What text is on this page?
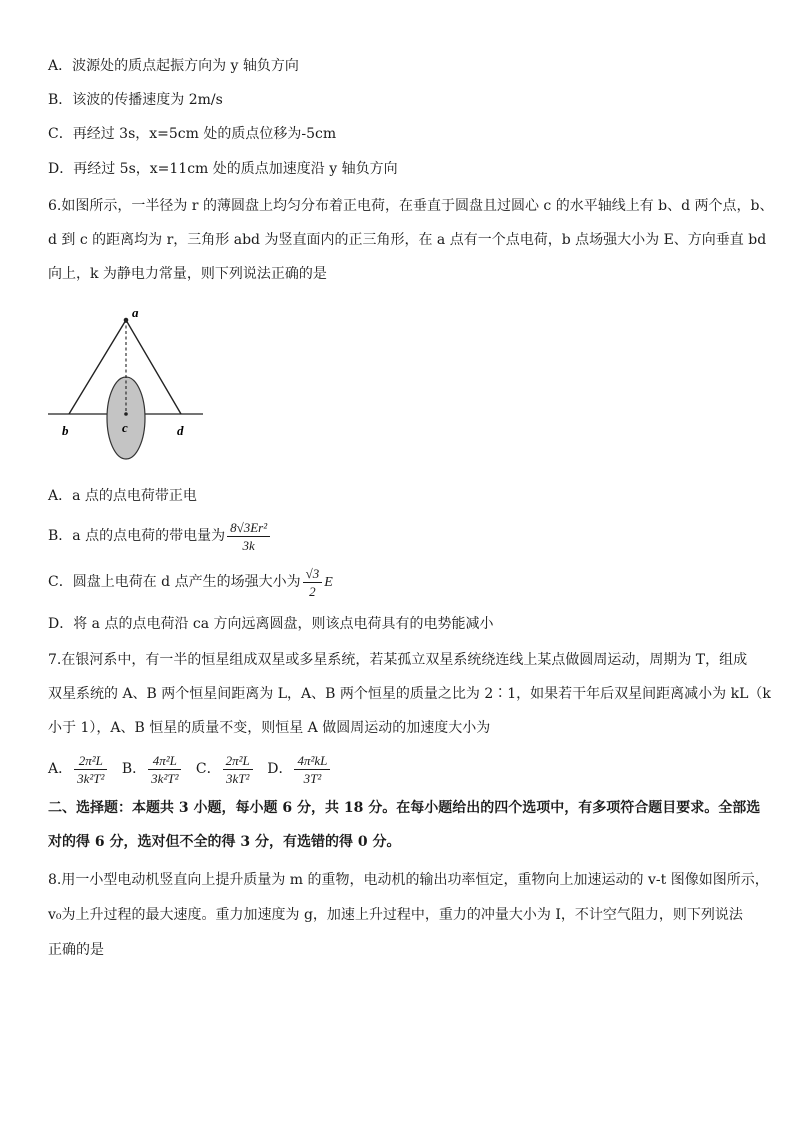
A．波源处的质点起振方向为 y 轴负方向
B．该波的传播速度为 2m/s
C．再经过 3s，x=5cm 处的质点位移为-5cm
D．再经过 5s，x=11cm 处的质点加速度沿 y 轴负方向
6.如图所示，一半径为 r 的薄圆盘上均匀分布着正电荷，在垂直于圆盘且过圆心 c 的水平轴线上有 b、d 两个点，b、
d 到 c 的距离均为 r，三角形 abd 为竖直面内的正三角形，在 a 点有一个点电荷，b 点场强大小为 E、方向垂直 bd
向上，k 为静电力常量，则下列说法正确的是
a
b	c	d
A．a 点的点电荷带正电
B．a 点的点电荷的带电量为 $\frac{\text{8√3Er²}}{3k}$
C．圆盘上电荷在 d 点产生的场强大小为 $\frac{√3}{2}$ E
D．将 a 点的点电荷沿 ca 方向远离圆盘，则该点电荷具有的电势能减小
7.在银河系中，有一半的恒星组成双星或多星系统，若某孤立双星系统绕连线上某点做圆周运动，周期为 T，组成
双星系统的 A、B 两个恒星间距离为 L，A、B 两个恒星的质量之比为 2∶1，如果若干年后双星间距离减小为 kL（k
小于 1），A、B 恒星的质量不变，则恒星 A 做圆周运动的加速度大小为
A． $\frac{\text{2π²L}}{\text{3k²T²}}$ B． $\frac{\text{4π²L}}{\text{3k²T²}}$ C． $\frac{\text{2π²L}}{\text{3kT²}}$ D． $\frac{\text{4π²kL}}{\text{3T²}}$
二、选择题：本题共 3 小题，每小题 6 分，共 18 分。在每小题给出的四个选项中，有多项符合题目要求。全部选
对的得 6 分，选对但不全的得 3 分，有选错的得 0 分。
8.用一小型电动机竖直向上提升质量为 m 的重物，电动机的输出功率恒定，重物向上加速运动的 v-t 图像如图所示，
v₀为上升过程的最大速度。重力加速度为 g，加速上升过程中，重力的冲量大小为 I，不计空气阻力，则下列说法
正确的是
